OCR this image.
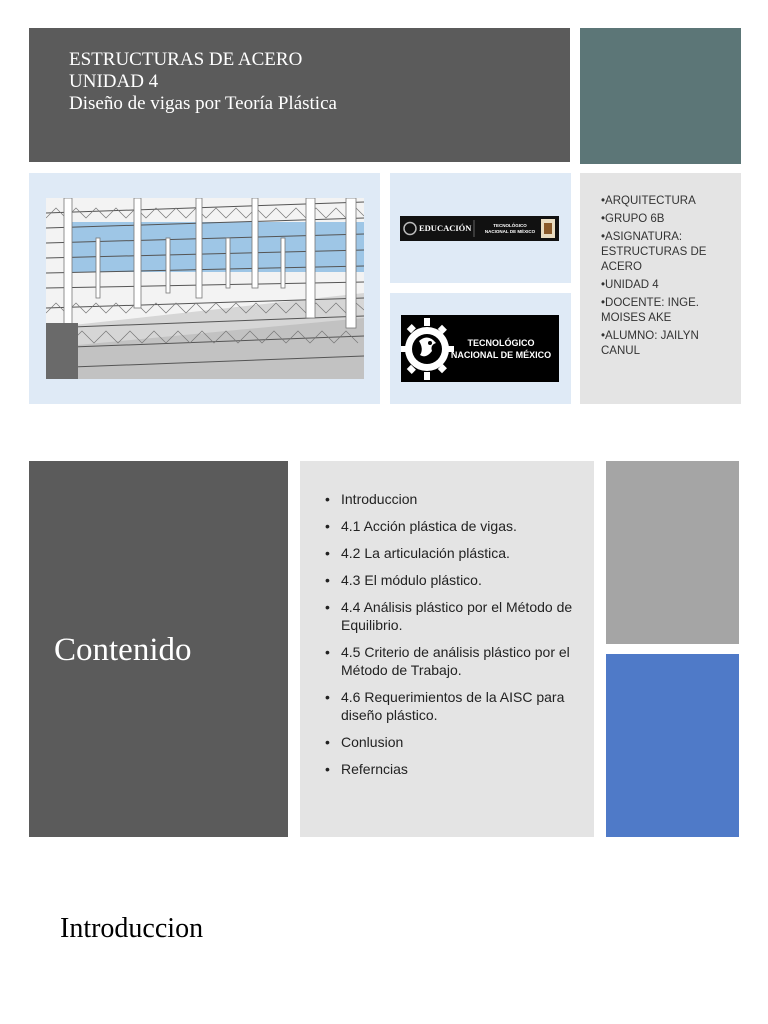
ESTRUCTURAS DE ACERO
UNIDAD 4
Diseño de vigas por Teoría Plástica
EDUCACIÓN	TECNOLÓGICO
NACIONAL DE MÉXICO
TECNOLÓGICO
NACIONAL DE MÉXICO
•ARQUITECTURA
•GRUPO 6B
•ASIGNATURA: ESTRUCTURAS DE ACERO
•UNIDAD 4
•DOCENTE: INGE. MOISES AKE
•ALUMNO: JAILYN CANUL
Contenido
• Introduccion
• 4.1 Acción plástica de vigas.
• 4.2 La articulación plástica.
• 4.3 El módulo plástico.
• 4.4 Análisis plástico por el Método de Equilibrio.
• 4.5 Criterio de análisis plástico por el Método de Trabajo.
• 4.6 Requerimientos de la AISC para diseño plástico.
• Conlusion
• Referncias
Introduccion
